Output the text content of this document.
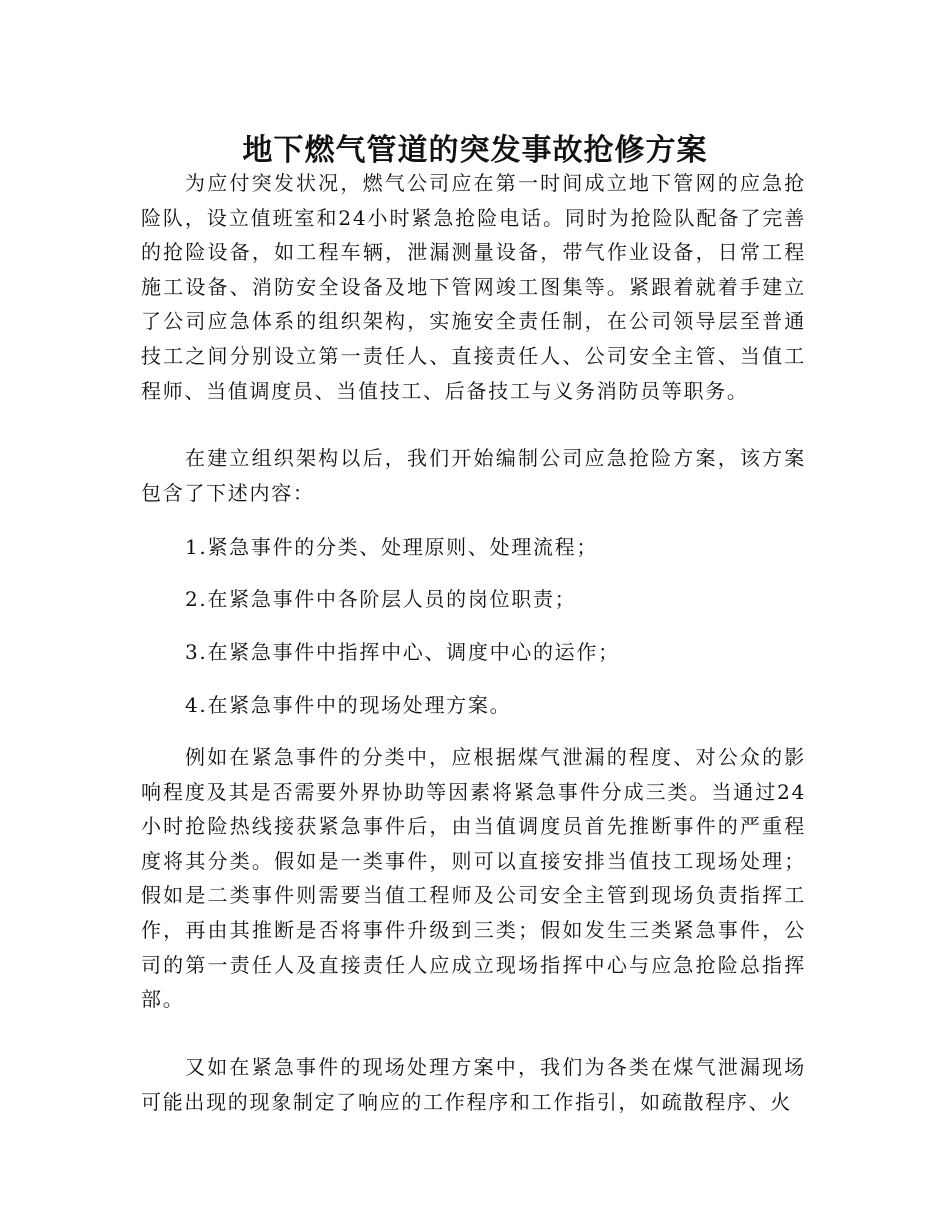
地下燃气管道的突发事故抢修方案

为应付突发状况，燃气公司应在第一时间成立地下管网的应急抢险队，设立值班室和24小时紧急抢险电话。同时为抢险队配备了完善的抢险设备，如工程车辆，泄漏测量设备，带气作业设备，日常工程施工设备、消防安全设备及地下管网竣工图集等。紧跟着就着手建立了公司应急体系的组织架构，实施安全责任制，在公司领导层至普通技工之间分别设立第一责任人、直接责任人、公司安全主管、当值工程师、当值调度员、当值技工、后备技工与义务消防员等职务。

在建立组织架构以后，我们开始编制公司应急抢险方案，该方案包含了下述内容：

1.紧急事件的分类、处理原则、处理流程；

2.在紧急事件中各阶层人员的岗位职责；

3.在紧急事件中指挥中心、调度中心的运作；

4.在紧急事件中的现场处理方案。

例如在紧急事件的分类中，应根据煤气泄漏的程度、对公众的影响程度及其是否需要外界协助等因素将紧急事件分成三类。当通过24小时抢险热线接获紧急事件后，由当值调度员首先推断事件的严重程度将其分类。假如是一类事件，则可以直接安排当值技工现场处理；假如是二类事件则需要当值工程师及公司安全主管到现场负责指挥工作，再由其推断是否将事件升级到三类；假如发生三类紧急事件，公司的第一责任人及直接责任人应成立现场指挥中心与应急抢险总指挥部。

又如在紧急事件的现场处理方案中，我们为各类在煤气泄漏现场可能出现的现象制定了响应的工作程序和工作指引，如疏散程序、火
